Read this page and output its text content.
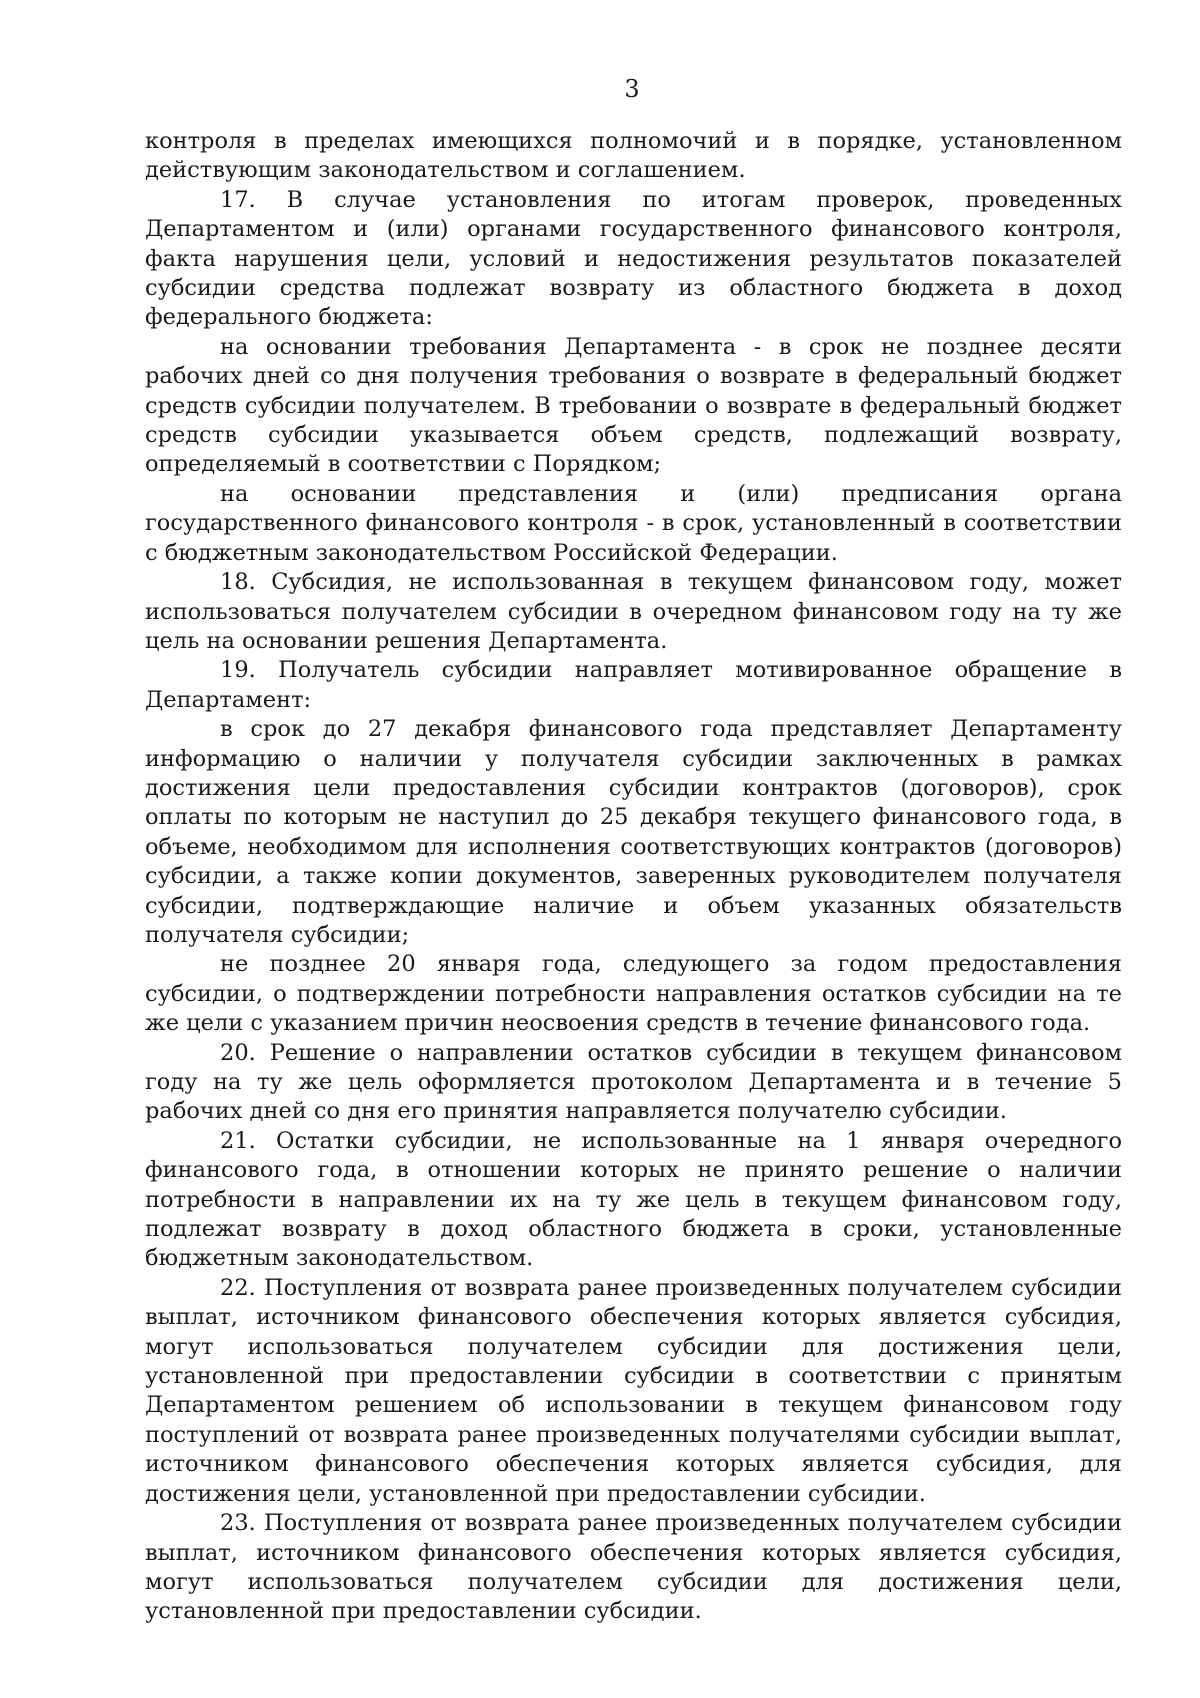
3

контроля в пределах имеющихся полномочий и в порядке, установленном действующим законодательством и соглашением.

17. В случае установления по итогам проверок, проведенных Департаментом и (или) органами государственного финансового контроля, факта нарушения цели, условий и недостижения результатов показателей субсидии средства подлежат возврату из областного бюджета в доход федерального бюджета:

на основании требования Департамента - в срок не позднее десяти рабочих дней со дня получения требования о возврате в федеральный бюджет средств субсидии получателем. В требовании о возврате в федеральный бюджет средств субсидии указывается объем средств, подлежащий возврату, определяемый в соответствии с Порядком;

на основании представления и (или) предписания органа государственного финансового контроля - в срок, установленный в соответствии с бюджетным законодательством Российской Федерации.

18. Субсидия, не использованная в текущем финансовом году, может использоваться получателем субсидии в очередном финансовом году на ту же цель на основании решения Департамента.

19. Получатель субсидии направляет мотивированное обращение в Департамент:

в срок до 27 декабря финансового года представляет Департаменту информацию о наличии у получателя субсидии заключенных в рамках достижения цели предоставления субсидии контрактов (договоров), срок оплаты по которым не наступил до 25 декабря текущего финансового года, в объеме, необходимом для исполнения соответствующих контрактов (договоров) субсидии, а также копии документов, заверенных руководителем получателя субсидии, подтверждающие наличие и объем указанных обязательств получателя субсидии;

не позднее 20 января года, следующего за годом предоставления субсидии, о подтверждении потребности направления остатков субсидии на те же цели с указанием причин неосвоения средств в течение финансового года.

20. Решение о направлении остатков субсидии в текущем финансовом году на ту же цель оформляется протоколом Департамента и в течение 5 рабочих дней со дня его принятия направляется получателю субсидии.

21. Остатки субсидии, не использованные на 1 января очередного финансового года, в отношении которых не принято решение о наличии потребности в направлении их на ту же цель в текущем финансовом году, подлежат возврату в доход областного бюджета в сроки, установленные бюджетным законодательством.

22. Поступления от возврата ранее произведенных получателем субсидии выплат, источником финансового обеспечения которых является субсидия, могут использоваться получателем субсидии для достижения цели, установленной при предоставлении субсидии в соответствии с принятым Департаментом решением об использовании в текущем финансовом году поступлений от возврата ранее произведенных получателями субсидии выплат, источником финансового обеспечения которых является субсидия, для достижения цели, установленной при предоставлении субсидии.

23. Поступления от возврата ранее произведенных получателем субсидии выплат, источником финансового обеспечения которых является субсидия, могут использоваться получателем субсидии для достижения цели, установленной при предоставлении субсидии.
